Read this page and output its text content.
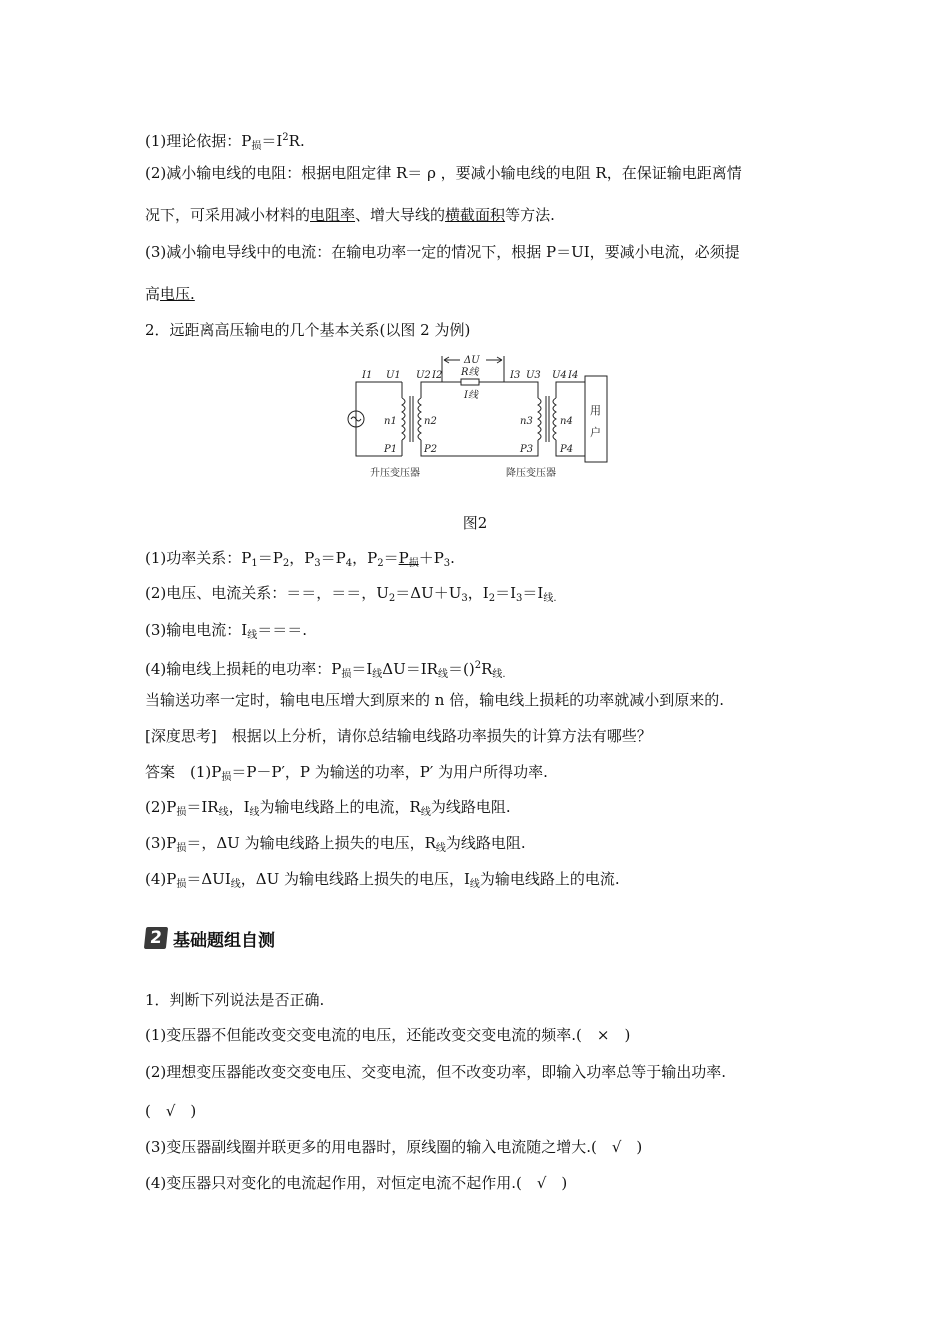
(1)理论依据：$P_损=I^2R$.
(2)减小输电线的电阻：根据电阻定律 R＝ ρ ，要减小输电线的电阻 R，在保证输电距离情
况下，可采用减小材料的电阻率、增大导线的横截面积等方法.
(3)减小输电导线中的电流：在输电功率一定的情况下，根据 P＝UI，要减小电流，必须提
高电压.
2．远距离高压输电的几个基本关系(以图 2 为例)
I1 U1 U2 I2
ΔU
R线
I线
I3 U3 U4 I4
n1	n2	n3	n4
P1	P2	P3	P4
用
户
升压变压器	降压变压器
图2
(1)功率关系：$P_1=P_2$，$P_3=P_4$，$P_2=P_损+P_3$.
(2)电压、电流关系：＝＝，＝＝，$U_2=\Delta U+U_3$，$I_2=I_3=I_{线.}$
(3)输电电流：$I_线===$.
(4)输电线上损耗的电功率：$P_损=I_线\Delta U=IR_线=()^2R_{线.}$
当输送功率一定时，输电电压增大到原来的 n 倍，输电线上损耗的功率就减小到原来的.
[深度思考]　根据以上分析，请你总结输电线路功率损失的计算方法有哪些？
答案　$(1)P_损=P-P'$，P 为输送的功率，P′ 为用户所得功率.
$(2)P_损=IR_线$，$I_线$为输电线路上的电流，$R_线$为线路电阻.
$(3)P_损=$，ΔU 为输电线路上损失的电压，$R_线$为线路电阻.
$(4)P_损=\Delta UI_线$，ΔU 为输电线路上损失的电压，$I_线$为输电线路上的电流.
2 基础题组自测
1．判断下列说法是否正确.
(1)变压器不但能改变交变电流的电压，还能改变交变电流的频率.(　×　)
(2)理想变压器能改变交变电压、交变电流，但不改变功率，即输入功率总等于输出功率.
(　√　)
(3)变压器副线圈并联更多的用电器时，原线圈的输入电流随之增大.(　√　)
(4)变压器只对变化的电流起作用，对恒定电流不起作用.(　√　)
